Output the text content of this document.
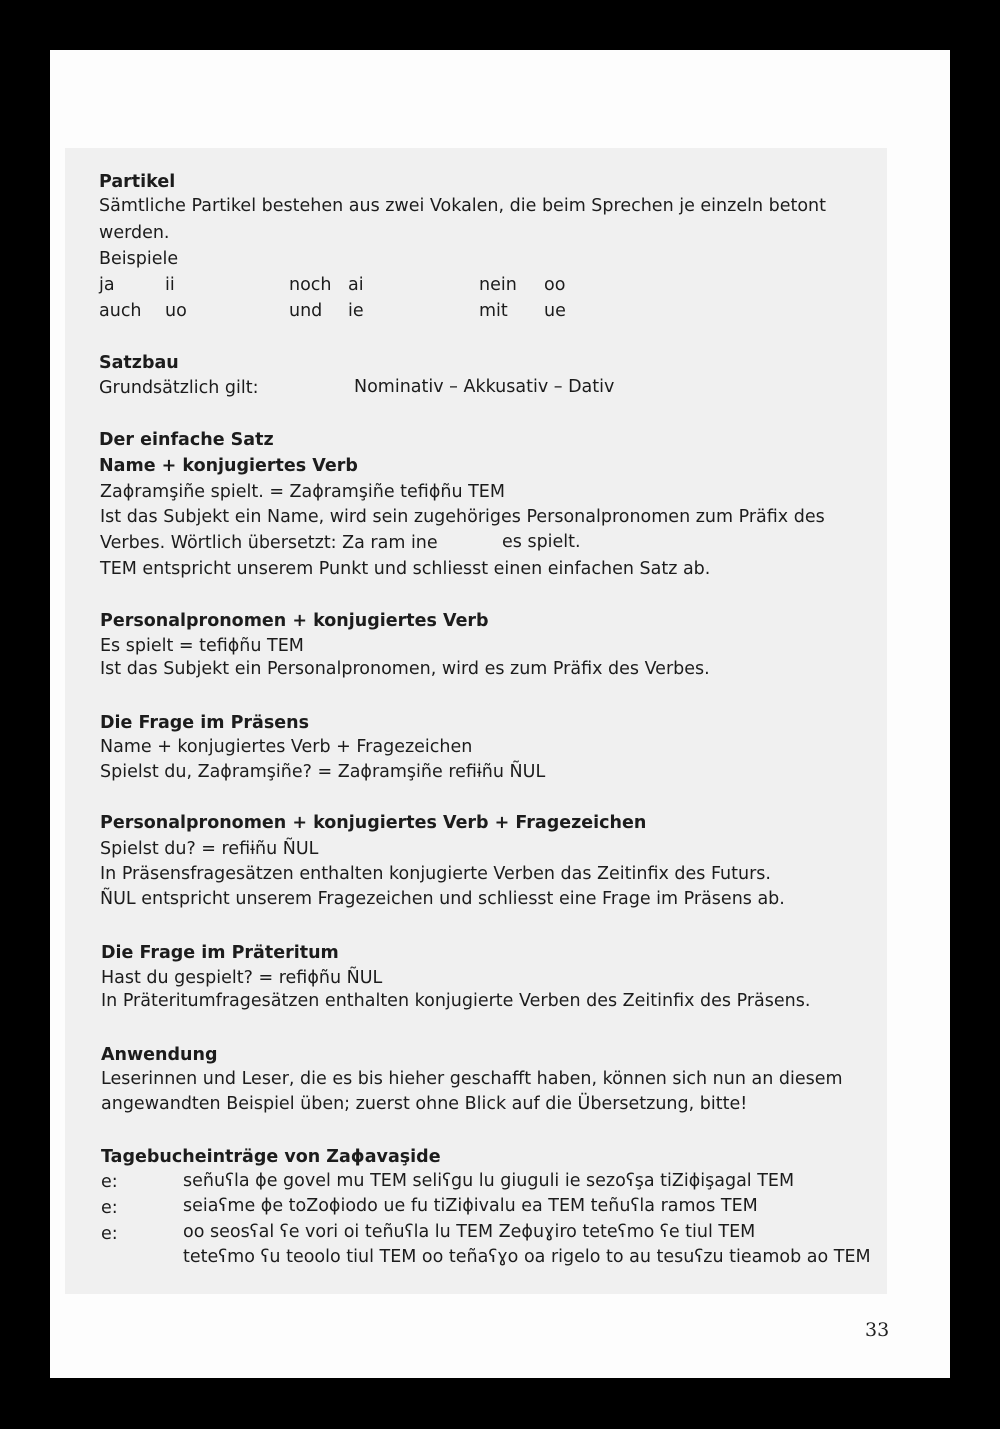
Partikel
Sämtliche Partikel bestehen aus zwei Vokalen, die beim Sprechen je einzeln betont
werden.
Beispiele
ja	ii	noch ai	nein oo
auch uo	und ie	mit ue
Satzbau
Grundsätzlich gilt:	Nominativ – Akkusativ – Dativ
Der einfache Satz
Name + konjugiertes Verb
Zaɸramşiñe spielt. = Zaɸramşiñe tefiɸñu TEM
Ist das Subjekt ein Name, wird sein zugehöriges Personalpronomen zum Präfix des
Verbes. Wörtlich übersetzt: Za ram ine	es spielt.
TEM entspricht unserem Punkt und schliesst einen einfachen Satz ab.
Personalpronomen + konjugiertes Verb
Es spielt = tefiɸñu TEM
Ist das Subjekt ein Personalpronomen, wird es zum Präfix des Verbes.
Die Frage im Präsens
Name + konjugiertes Verb + Fragezeichen
Spielst du, Zaɸramşiñe? = Zaɸramşiñe refiɨñu ÑUL
Personalpronomen + konjugiertes Verb + Fragezeichen
Spielst du? = refiɨñu ÑUL
In Präsensfragesätzen enthalten konjugierte Verben das Zeitinfix des Futurs.
ÑUL entspricht unserem Fragezeichen und schliesst eine Frage im Präsens ab.
Die Frage im Präteritum
Hast du gespielt? = refiɸñu ÑUL
In Präteritumfragesätzen enthalten konjugierte Verben des Zeitinfix des Präsens.
Anwendung
Leserinnen und Leser, die es bis hieher geschafft haben, können sich nun an diesem
angewandten Beispiel üben; zuerst ohne Blick auf die Übersetzung, bitte!
Tagebucheinträge von Zaɸavaşide
e:	señuʕla ɸe govel mu TEM seliʕgu lu giuguli ie sezoʕşa tiZiɸişagal TEM
e:	seiaʕme ɸe toZoɸiodo ue fu tiZiɸivalu ea TEM teñuʕla ramos TEM
e:	oo seosʕal ʕe vori oi teñuʕla lu TEM Zeɸuɣiro teteʕmo ʕe tiul TEM
teteʕmo ʕu teoolo tiul TEM oo teñaʕɣo oa rigelo to au tesuʕzu tieamob ao TEM
33
